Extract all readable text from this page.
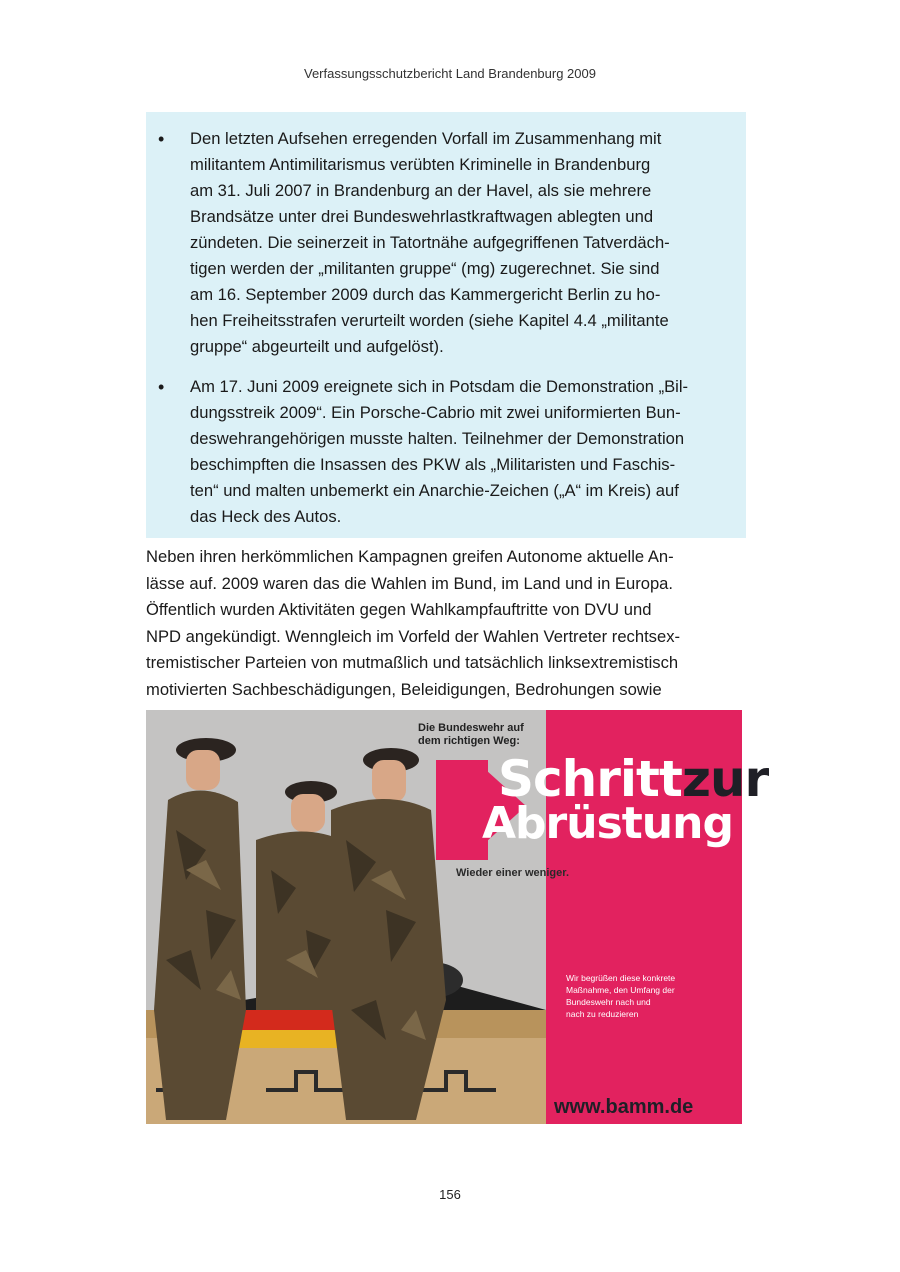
Verfassungsschutzbericht Land Brandenburg 2009
• Den letzten Aufsehen erregenden Vorfall im Zusammenhang mit
militantem Antimilitarismus verübten Kriminelle in Brandenburg
am 31. Juli 2007 in Brandenburg an der Havel, als sie mehrere
Brandsätze unter drei Bundeswehrlastkraftwagen ablegten und
zündeten. Die seinerzeit in Tatortnähe aufgegriffenen Tatverdäch-
tigen werden der „militanten gruppe“ (mg) zugerechnet. Sie sind
am 16. September 2009 durch das Kammergericht Berlin zu ho-
hen Freiheitsstrafen verurteilt worden (siehe Kapitel 4.4 „militante
gruppe“ abgeurteilt und aufgelöst).

• Am 17. Juni 2009 ereignete sich in Potsdam die Demonstration „Bil-
dungsstreik 2009“. Ein Porsche-Cabrio mit zwei uniformierten Bun-
deswehrangehörigen musste halten. Teilnehmer der Demonstration
beschimpften die Insassen des PKW als „Militaristen und Faschis-
ten“ und malten unbemerkt ein Anarchie-Zeichen („A“ im Kreis) auf
das Heck des Autos.

Neben ihren herkömmlichen Kampagnen greifen Autonome aktuelle An-
lässe auf. 2009 waren das die Wahlen im Bund, im Land und in Europa.
Öffentlich wurden Aktivitäten gegen Wahlkampfauftritte von DVU und
NPD angekündigt. Wenngleich im Vorfeld der Wahlen Vertreter rechtsex-
tremistischer Parteien von mutmaßlich und tatsächlich linksextremistisch
motivierten Sachbeschädigungen, Beleidigungen, Bedrohungen sowie

Die Bundeswehr auf
dem richtigen Weg:
Schrittzur
Abrüstung
Wieder einer weniger.
Wir begrüßen diese konkrete
Maßnahme, den Umfang der
Bundeswehr nach und
nach zu reduzieren
www.bamm.de
156
